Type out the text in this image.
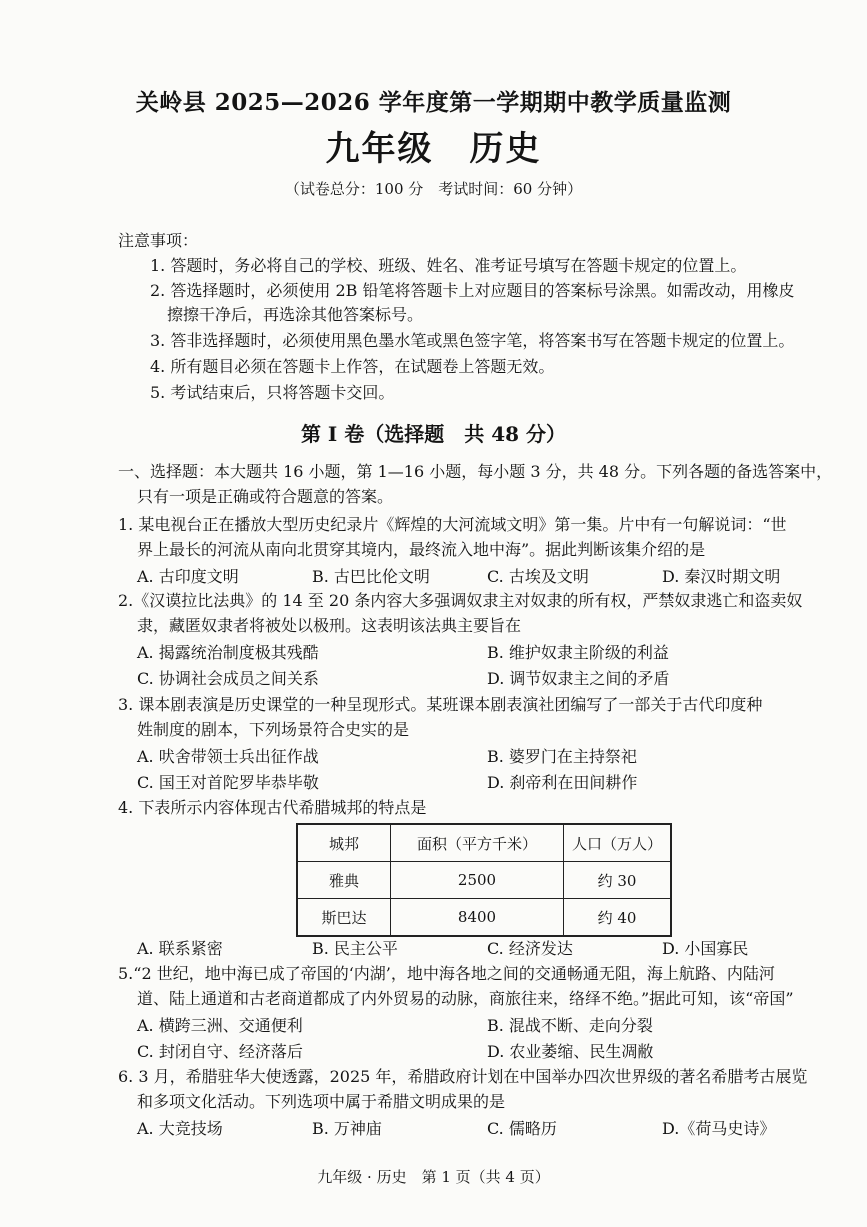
关岭县 2025—2026 学年度第一学期期中教学质量监测
九年级　历史
（试卷总分：100 分　考试时间：60 分钟）
注意事项：
1. 答题时，务必将自己的学校、班级、姓名、准考证号填写在答题卡规定的位置上。
2. 答选择题时，必须使用 2B 铅笔将答题卡上对应题目的答案标号涂黑。如需改动，用橡皮
擦擦干净后，再选涂其他答案标号。
3. 答非选择题时，必须使用黑色墨水笔或黑色签字笔，将答案书写在答题卡规定的位置上。
4. 所有题目必须在答题卡上作答，在试题卷上答题无效。
5. 考试结束后，只将答题卡交回。
第 I 卷（选择题　共 48 分）
一、选择题：本大题共 16 小题，第 1—16 小题，每小题 3 分，共 48 分。下列各题的备选答案中，
只有一项是正确或符合题意的答案。
1. 某电视台正在播放大型历史纪录片《辉煌的大河流域文明》第一集。片中有一句解说词：“世
界上最长的河流从南向北贯穿其境内，最终流入地中海”。据此判断该集介绍的是
A. 古印度文明	B. 古巴比伦文明	C. 古埃及文明	D. 秦汉时期文明
2.《汉谟拉比法典》的 14 至 20 条内容大多强调奴隶主对奴隶的所有权，严禁奴隶逃亡和盗卖奴
隶，藏匿奴隶者将被处以极刑。这表明该法典主要旨在
A. 揭露统治制度极其残酷	B. 维护奴隶主阶级的利益
C. 协调社会成员之间关系	D. 调节奴隶主之间的矛盾
3. 课本剧表演是历史课堂的一种呈现形式。某班课本剧表演社团编写了一部关于古代印度种
姓制度的剧本，下列场景符合史实的是
A. 吠舍带领士兵出征作战	B. 婆罗门在主持祭祀
C. 国王对首陀罗毕恭毕敬	D. 刹帝利在田间耕作
4. 下表所示内容体现古代希腊城邦的特点是
城邦	面积（平方千米）	人口（万人）
雅典	2500	约 30
斯巴达	8400	约 40
A. 联系紧密	B. 民主公平	C. 经济发达	D. 小国寡民
5.“2 世纪，地中海已成了帝国的‘内湖’，地中海各地之间的交通畅通无阻，海上航路、内陆河
道、陆上通道和古老商道都成了内外贸易的动脉，商旅往来，络绎不绝。”据此可知，该“帝国”
A. 横跨三洲、交通便利	B. 混战不断、走向分裂
C. 封闭自守、经济落后	D. 农业萎缩、民生凋敝
6. 3 月，希腊驻华大使透露，2025 年，希腊政府计划在中国举办四次世界级的著名希腊考古展览
和多项文化活动。下列选项中属于希腊文明成果的是
A. 大竞技场	B. 万神庙	C. 儒略历	D.《荷马史诗》
九年级 · 历史　第 1 页（共 4 页）
